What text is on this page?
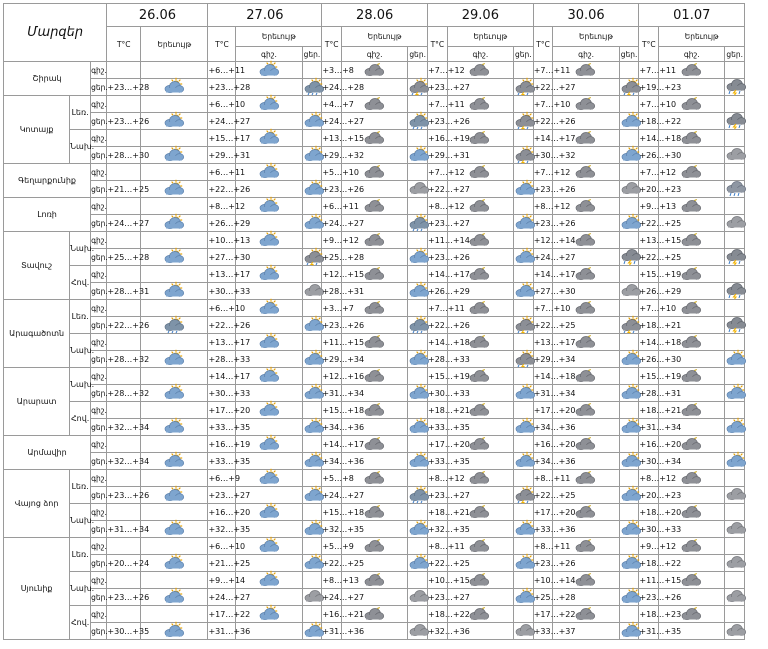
Մարզեր			26.06		27.06			28.06			29.06			30.06			01.07		
			T°C	Երեւույթ	T°C	Երեւույթ		T°C	Երեւույթ		T°C	Երեւույթ		T°C	Երեւույթ		T°C	Երեւույթ	
						գիշ.	ցեր.		գիշ.	ցեր.		գիշ.	ցեր.		գիշ.	ցեր.		գիշ.	ցեր.
Շիրակ		գիշ.			+6…+11			+3…+8			+7…+12			+7…+11			+7…+11	

		ցեր.	+23…+28		+23…+28			+24…+28			+23…+27			+22…+27			+19…+23		

Կոտայք	Լեռ.	գիշ.			+6…+10			+4…+7			+7…+11			+7…+10			+7…+10	

		ցեր.	+23…+26		+24…+27			+24…+27			+23…+26			+22…+26			+18…+22		

	Նախ.	գիշ.			+15…+17			+13…+15			+16…+19			+14…+17			+14…+18	

		ցեր.	+28…+30		+29…+31			+29…+32			+29…+31			+30…+32			+26…+30		

Գեղարքունիք		գիշ.			+6…+11			+5…+10			+7…+12			+7…+12			+7…+12	

		ցեր.	+21…+25		+22…+26			+23…+26			+22…+27			+23…+26			+20…+23		

Լոռի		գիշ.			+8…+12			+6…+11			+8…+12			+8…+12			+9…+13	

		ցեր.	+24…+27		+26…+29			+24…+27			+23…+27			+23…+26			+22…+25		

Տավուշ	Նախ.	գիշ.			+10…+13			+9…+12			+11…+14			+12…+14			+13…+15	

		ցեր.	+25…+28		+27…+30			+25…+28			+23…+26			+24…+27			+22…+25		

	Հով.	գիշ.			+13…+17			+12…+15			+14…+17			+14…+17			+15…+19	

		ցեր.	+28…+31		+30…+33			+28…+31			+26…+29			+27…+30			+26…+29		

Արագածոտն	Լեռ.	գիշ.			+6…+10			+3…+7			+7…+11			+7…+10			+7…+10	

		ցեր.	+22…+26		+22…+26			+23…+26			+22…+26			+22…+25			+18…+21		

	Նախ.	գիշ.			+13…+17			+11…+15			+14…+18			+13…+17			+14…+18	

		ցեր.	+28…+32		+28…+33			+29…+34			+28…+33			+29…+34			+26…+30		

Արարատ	Նախ.	գիշ.			+14…+17			+12…+16			+15…+19			+14…+18			+15…+19	

		ցեր.	+28…+32		+30…+33			+31…+34			+30…+33			+31…+34			+28…+31		

	Հով.	գիշ.			+17…+20			+15…+18			+18…+21			+17…+20			+18…+21	

		ցեր.	+32…+34		+33…+35			+34…+36			+33…+35			+34…+36			+31…+34		

Արմավիր		գիշ.			+16…+19			+14…+17			+17…+20			+16…+20			+16…+20	

		ցեր.	+32…+34		+33…+35			+34…+36			+33…+35			+34…+36			+30…+34		

Վայոց ձոր	Լեռ.	գիշ.			+6…+9			+5…+8			+8…+12			+8…+11			+8…+12	

		ցեր.	+23…+26		+23…+27			+24…+27			+23…+27			+22…+25			+20…+23		

	Նախ.	գիշ.			+16…+20			+15…+18			+18…+21			+17…+20			+18…+20	

		ցեր.	+31…+34		+32…+35			+32…+35			+32…+35			+33…+36			+30…+33		

Սյունիք	Լեռ.	գիշ.			+6…+10			+5…+9			+8…+11			+8…+11			+9…+12	

		ցեր.	+20…+24		+21…+25			+22…+25			+22…+25			+23…+26			+18…+22		

	Նախ.	գիշ.			+9…+14			+8…+13			+10…+15			+10…+14			+11…+15	

		ցեր.	+23…+26		+24…+27			+24…+27			+23…+27			+25…+28			+23…+26		

	Հով.	գիշ.			+17…+22			+16…+21			+18…+22			+17…+22			+18…+23	

		ցեր.	+30…+35		+31…+36			+31…+36			+32…+36			+33…+37			+31…+35		
